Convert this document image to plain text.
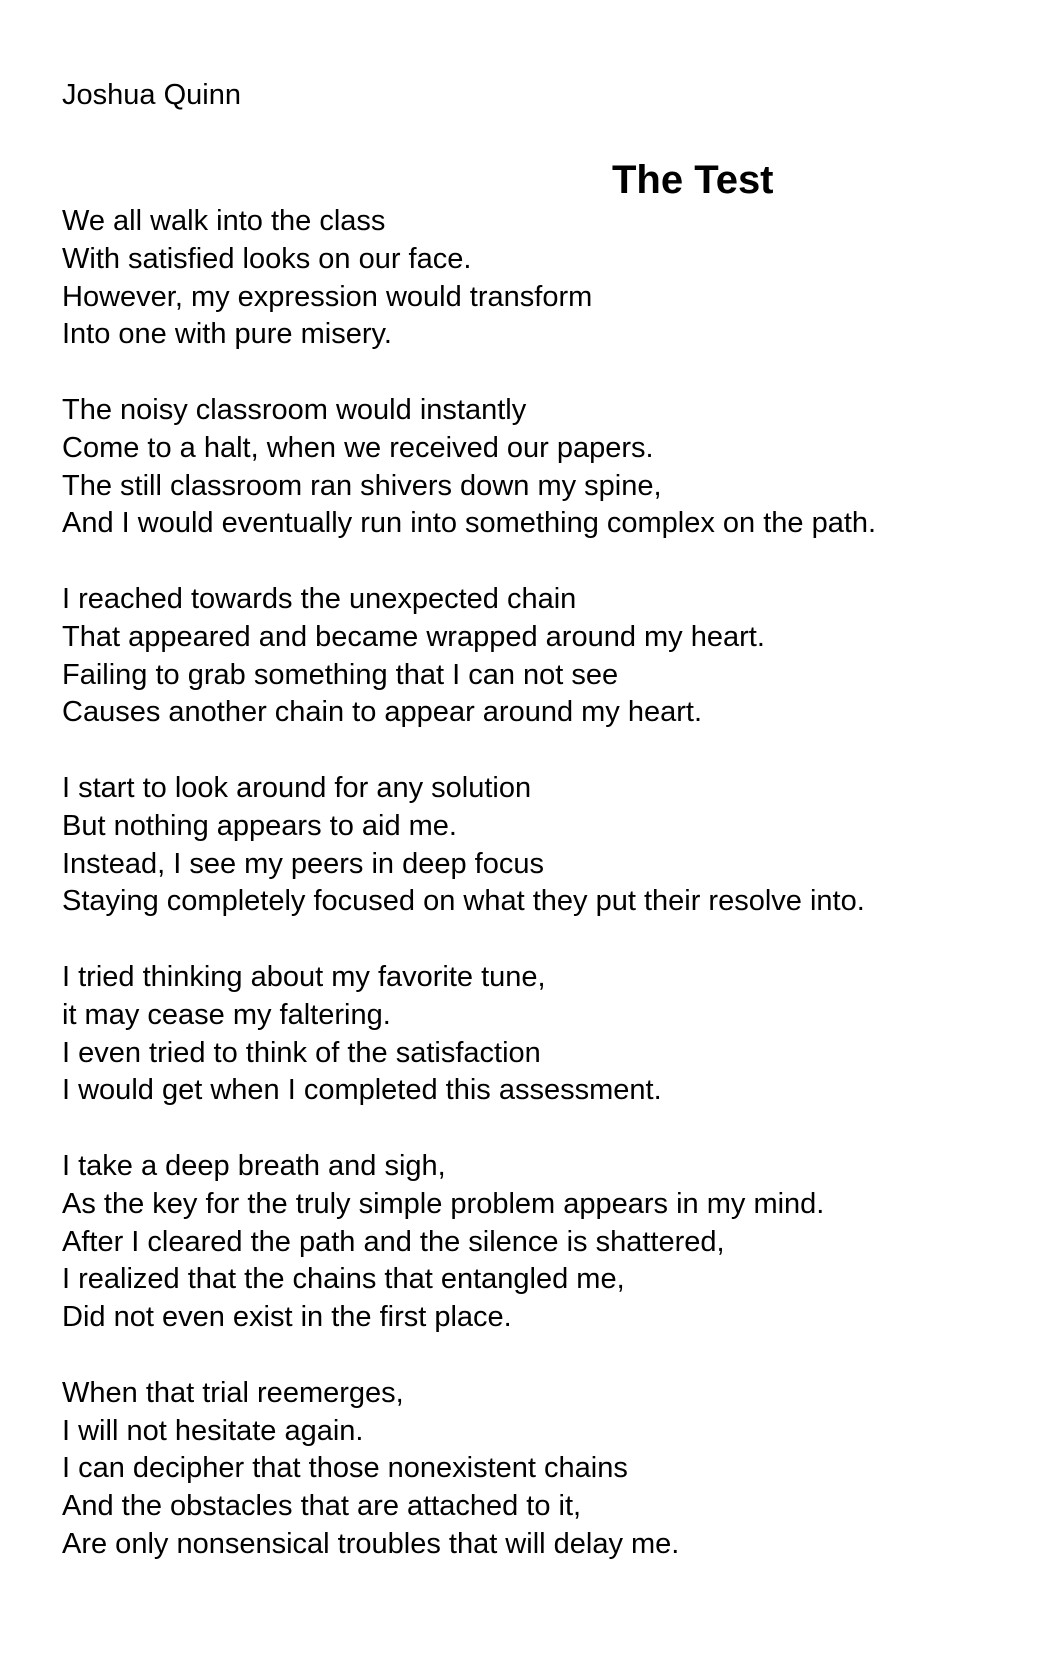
Joshua Quinn
The Test
We all walk into the class
With satisfied looks on our face.
However, my expression would transform
Into one with pure misery.
The noisy classroom would instantly
Come to a halt, when we received our papers.
The still classroom ran shivers down my spine,
And I would eventually run into something complex on the path.
I reached towards the unexpected chain
That appeared and became wrapped around my heart.
Failing to grab something that I can not see
Causes another chain to appear around my heart.
I start to look around for any solution
But nothing appears to aid me.
Instead, I see my peers in deep focus
Staying completely focused on what they put their resolve into.
I tried thinking about my favorite tune,
it may cease my faltering.
I even tried to think of the satisfaction
I would get when I completed this assessment.
I take a deep breath and sigh,
As the key for the truly simple problem appears in my mind.
After I cleared the path and the silence is shattered,
I realized that the chains that entangled me,
Did not even exist in the first place.
When that trial reemerges,
I will not hesitate again.
I can decipher that those nonexistent chains
And the obstacles that are attached to it,
Are only nonsensical troubles that will delay me.
